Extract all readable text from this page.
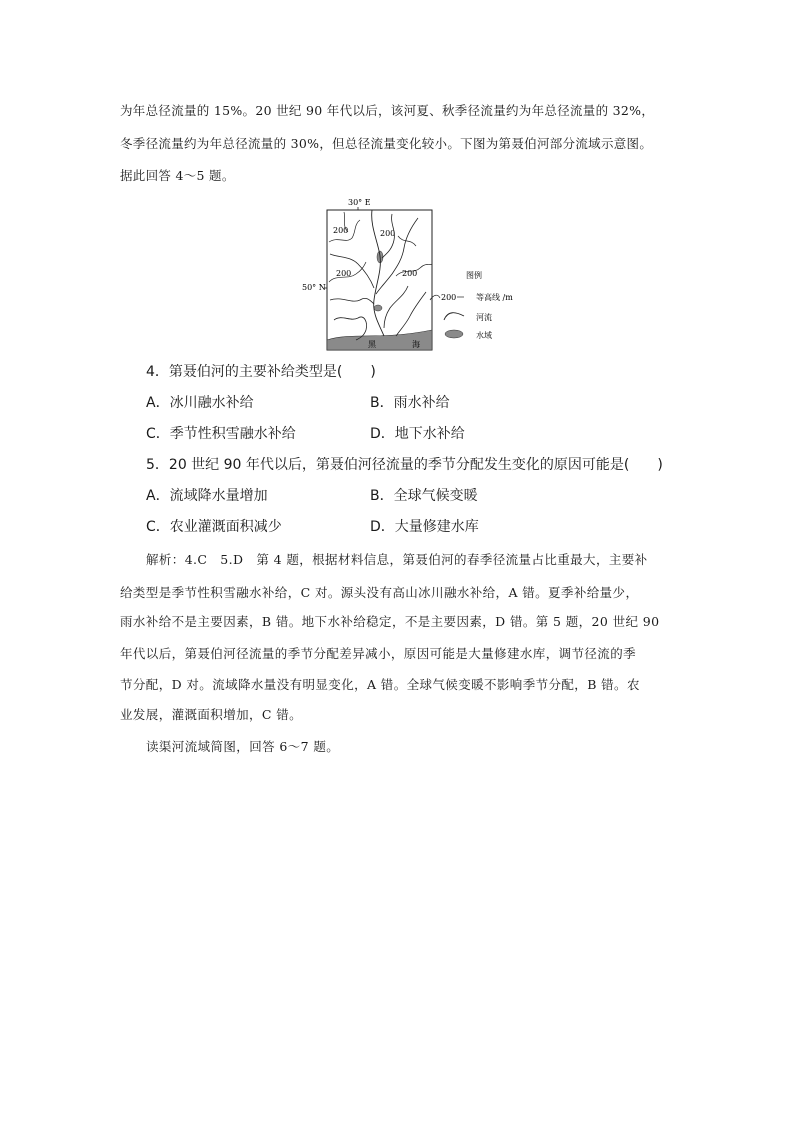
为年总径流量的 15%。20 世纪 90 年代以后，该河夏、秋季径流量约为年总径流量的 32%，
冬季径流量约为年总径流量的 30%，但总径流量变化较小。下图为第聂伯河部分流域示意图。
据此回答 4～5 题。
30° E
50° N
200
200	200
200
黑	海
图例
200 等高线 /m
河流
水域
4．第聂伯河的主要补给类型是(　　)
A．冰川融水补给	B．雨水补给
C．季节性积雪融水补给	D．地下水补给
5．20 世纪 90 年代以后，第聂伯河径流量的季节分配发生变化的原因可能是(　　)
A．流域降水量增加	B．全球气候变暖
C．农业灌溉面积减少	D．大量修建水库
解析：4.C　5.D　第 4 题，根据材料信息，第聂伯河的春季径流量占比重最大，主要补
给类型是季节性积雪融水补给，C 对。源头没有高山冰川融水补给，A 错。夏季补给量少，
雨水补给不是主要因素，B 错。地下水补给稳定，不是主要因素，D 错。第 5 题，20 世纪 90
年代以后，第聂伯河径流量的季节分配差异减小，原因可能是大量修建水库，调节径流的季
节分配，D 对。流域降水量没有明显变化，A 错。全球气候变暖不影响季节分配，B 错。农
业发展，灌溉面积增加，C 错。
读渠河流域简图，回答 6～7 题。
